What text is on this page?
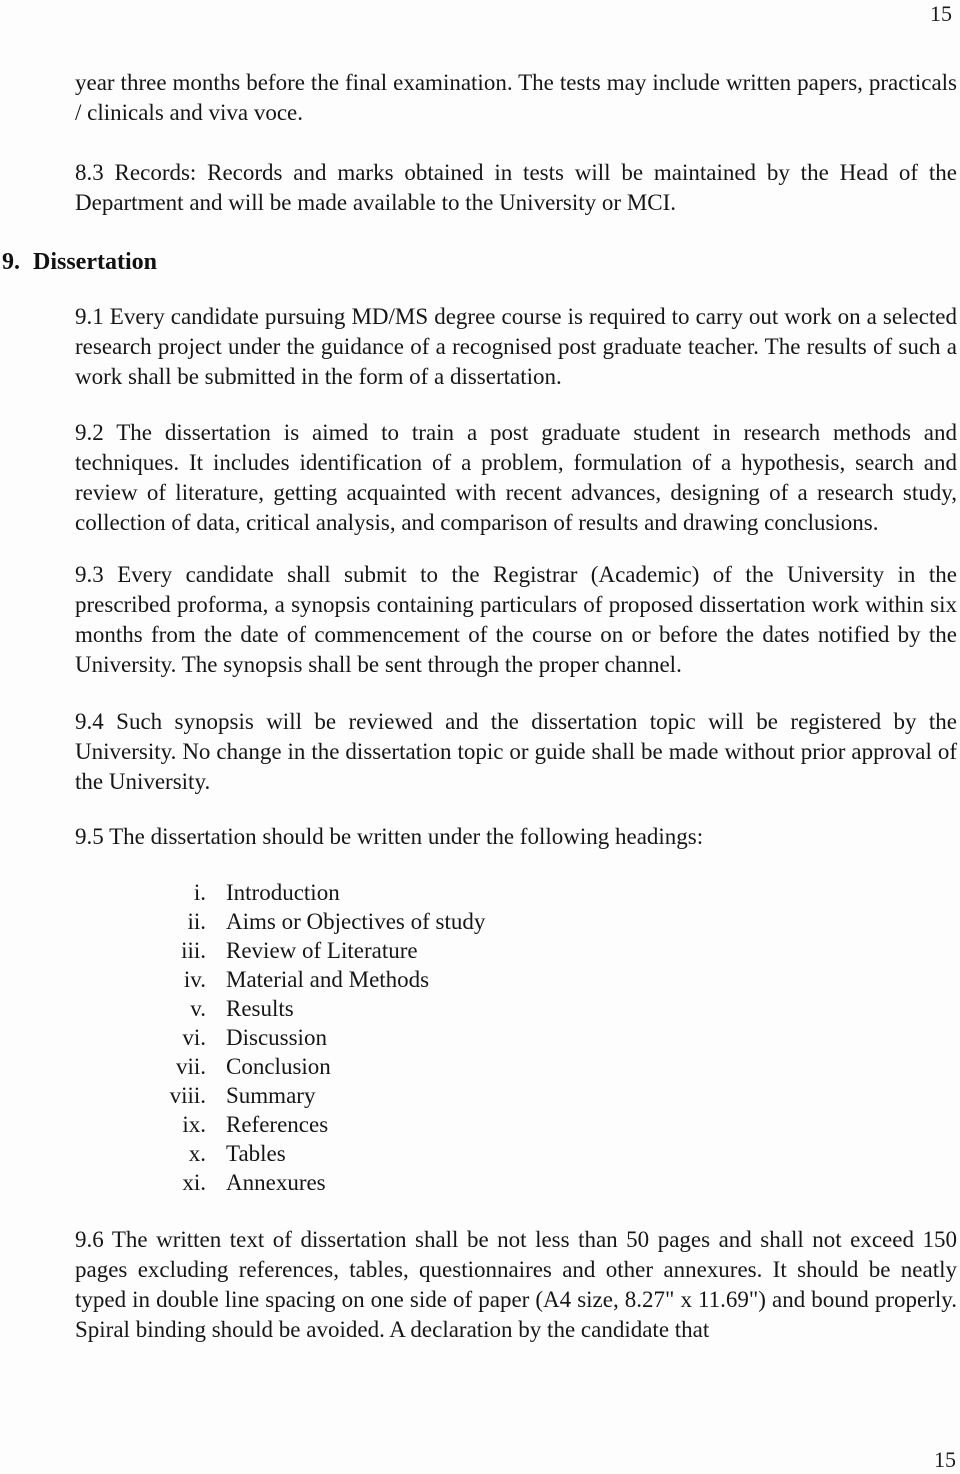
15

year three months before the final examination. The tests may include written papers, practicals / clinicals and viva voce.

8.3 Records: Records and marks obtained in tests will be maintained by the Head of the Department and will be made available to the University or MCI.

9. Dissertation

9.1 Every candidate pursuing MD/MS degree course is required to carry out work on a selected research project under the guidance of a recognised post graduate teacher. The results of such a work shall be submitted in the form of a dissertation.

9.2 The dissertation is aimed to train a post graduate student in research methods and techniques. It includes identification of a problem, formulation of a hypothesis, search and review of literature, getting acquainted with recent advances, designing of a research study, collection of data, critical analysis, and comparison of results and drawing conclusions.

9.3 Every candidate shall submit to the Registrar (Academic) of the University in the prescribed proforma, a synopsis containing particulars of proposed dissertation work within six months from the date of commencement of the course on or before the dates notified by the University. The synopsis shall be sent through the proper channel.

9.4 Such synopsis will be reviewed and the dissertation topic will be registered by the University. No change in the dissertation topic or guide shall be made without prior approval of the University.

9.5 The dissertation should be written under the following headings:

i. Introduction
ii. Aims or Objectives of study
iii. Review of Literature
iv. Material and Methods
v. Results
vi. Discussion
vii. Conclusion
viii. Summary
ix. References
x. Tables
xi. Annexures

9.6 The written text of dissertation shall be not less than 50 pages and shall not exceed 150 pages excluding references, tables, questionnaires and other annexures. It should be neatly typed in double line spacing on one side of paper (A4 size, 8.27" x 11.69") and bound properly. Spiral binding should be avoided. A declaration by the candidate that

15
